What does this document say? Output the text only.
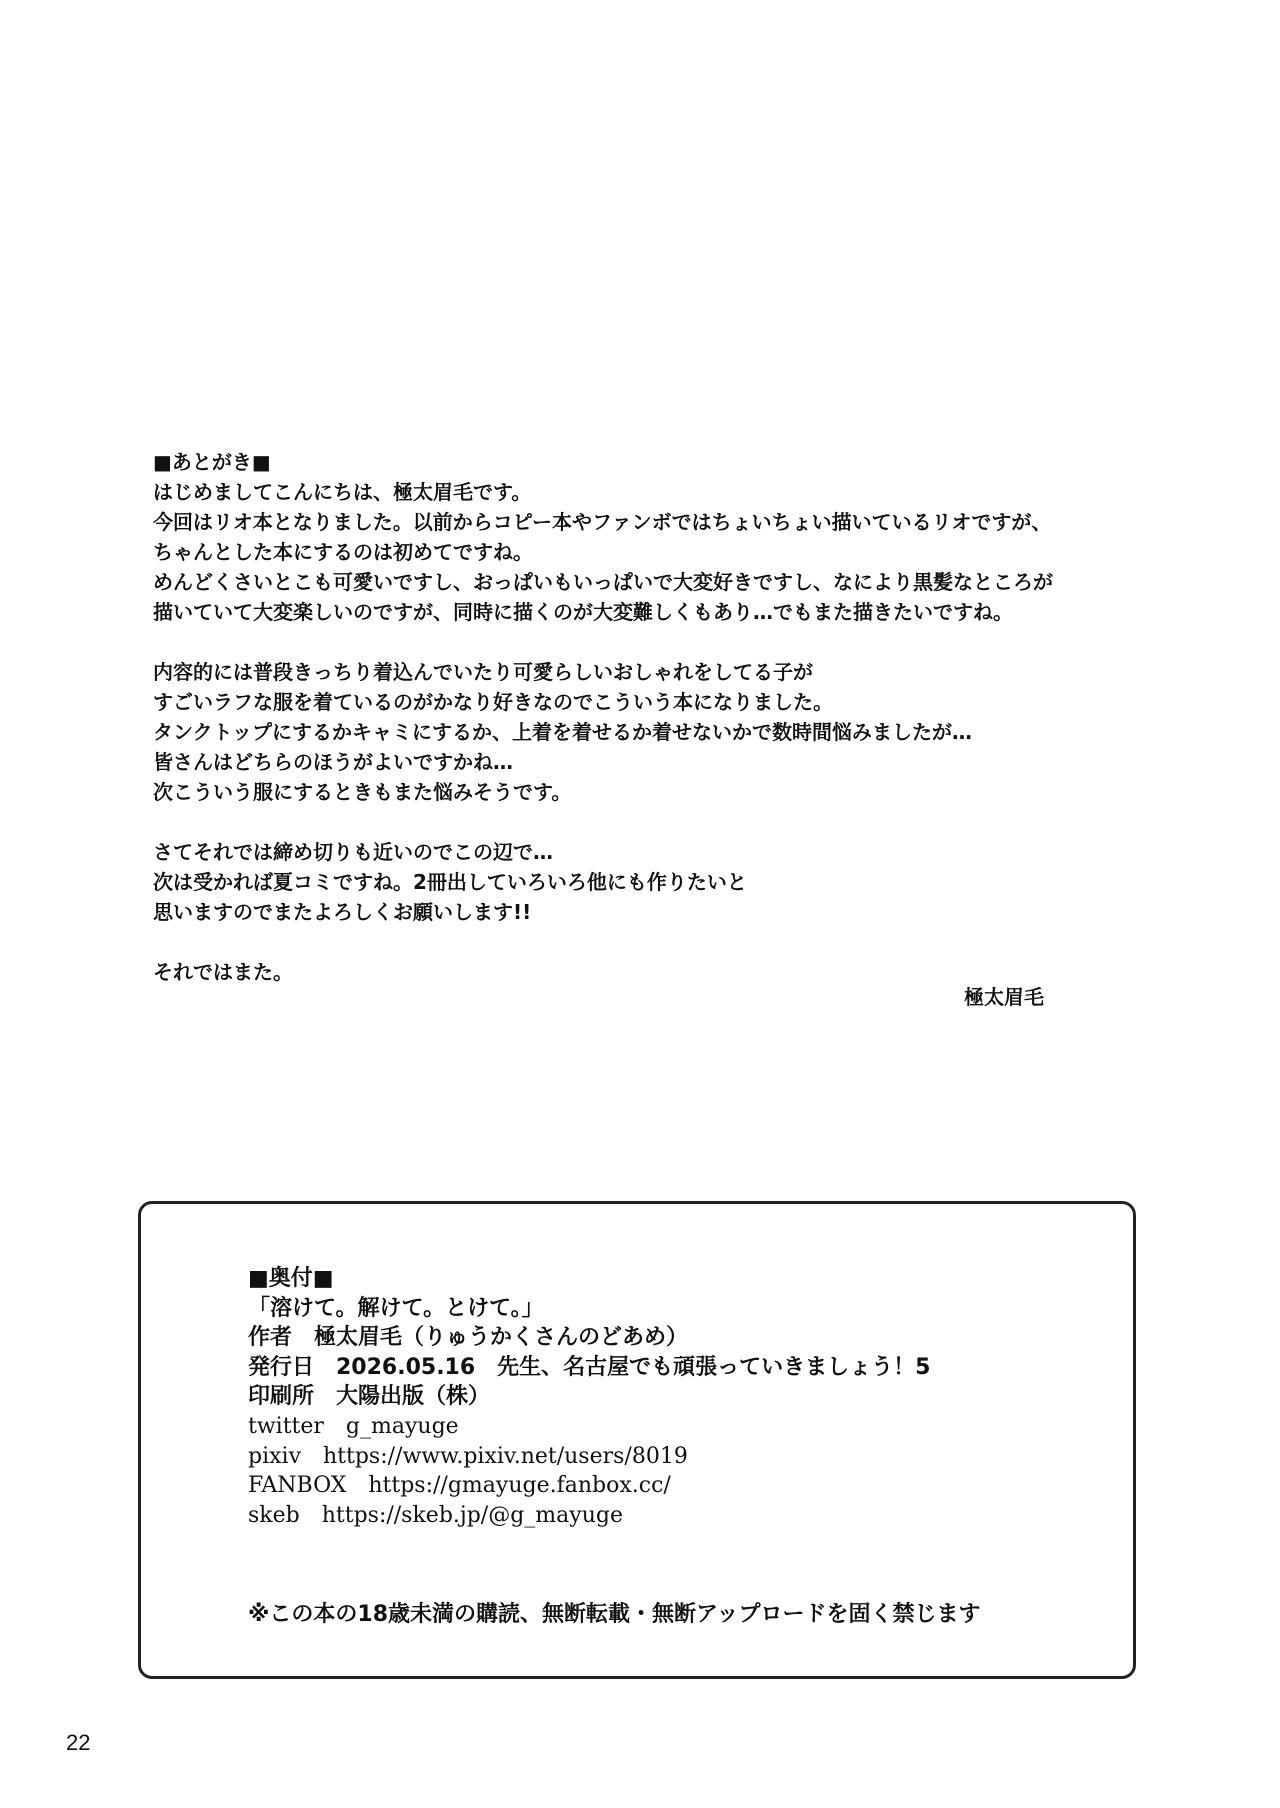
■あとがき■
はじめましてこんにちは、極太眉毛です。
今回はリオ本となりました。以前からコピー本やファンボではちょいちょい描いているリオですが、
ちゃんとした本にするのは初めてですね。
めんどくさいとこも可愛いですし、おっぱいもいっぱいで大変好きですし、なにより黒髪なところが
描いていて大変楽しいのですが、同時に描くのが大変難しくもあり…でもまた描きたいですね。
内容的には普段きっちり着込んでいたり可愛らしいおしゃれをしてる子が
すごいラフな服を着ているのがかなり好きなのでこういう本になりました。
タンクトップにするかキャミにするか、上着を着せるか着せないかで数時間悩みましたが…
皆さんはどちらのほうがよいですかね…
次こういう服にするときもまた悩みそうです。
さてそれでは締め切りも近いのでこの辺で…
次は受かれば夏コミですね。2冊出していろいろ他にも作りたいと
思いますのでまたよろしくお願いします!!
それではまた。
極太眉毛
■奥付■
「溶けて。解けて。とけて。」
作者　極太眉毛（りゅうかくさんのどあめ）
発行日　2026.05.16　先生、名古屋でも頑張っていきましょう！5
印刷所　大陽出版（株）
twitter　g_mayuge
pixiv　https://www.pixiv.net/users/8019
FANBOX　https://gmayuge.fanbox.cc/
skeb　https://skeb.jp/@g_mayuge
※この本の18歳未満の購読、無断転載・無断アップロードを固く禁じます
22
